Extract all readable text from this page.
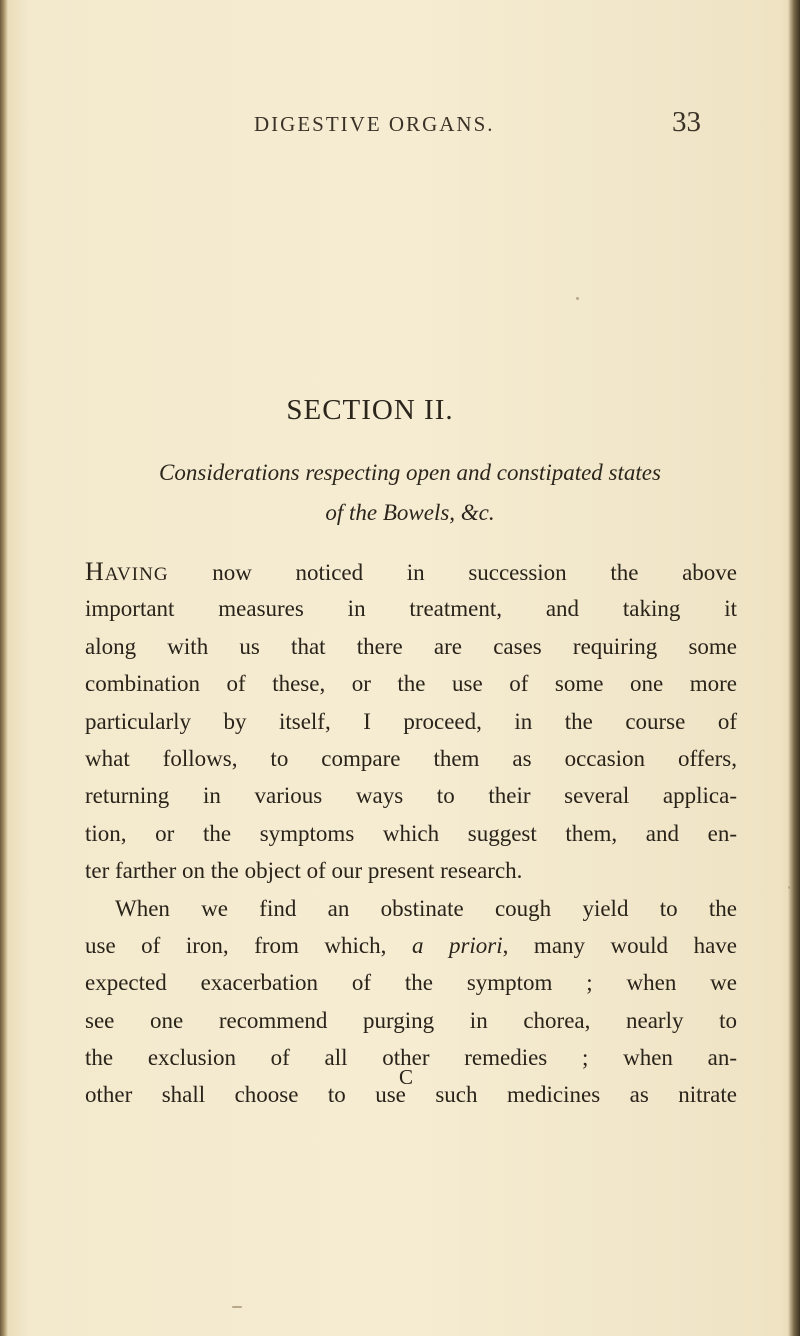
DIGESTIVE ORGANS.	33
SECTION II.
Considerations respecting open and constipated states
of the Bowels, &c.
HAVING now noticed in succession the above
important measures in treatment, and taking it
along with us that there are cases requiring some
combination of these, or the use of some one more
particularly by itself, I proceed, in the course of
what follows, to compare them as occasion offers,
returning in various ways to their several applica-
tion, or the symptoms which suggest them, and en-
ter farther on the object of our present research.
When we find an obstinate cough yield to the
use of iron, from which, a priori, many would have
expected exacerbation of the symptom ; when we
see one recommend purging in chorea, nearly to
the exclusion of all other remedies ; when an-
other shall choose to use such medicines as nitrate
C
